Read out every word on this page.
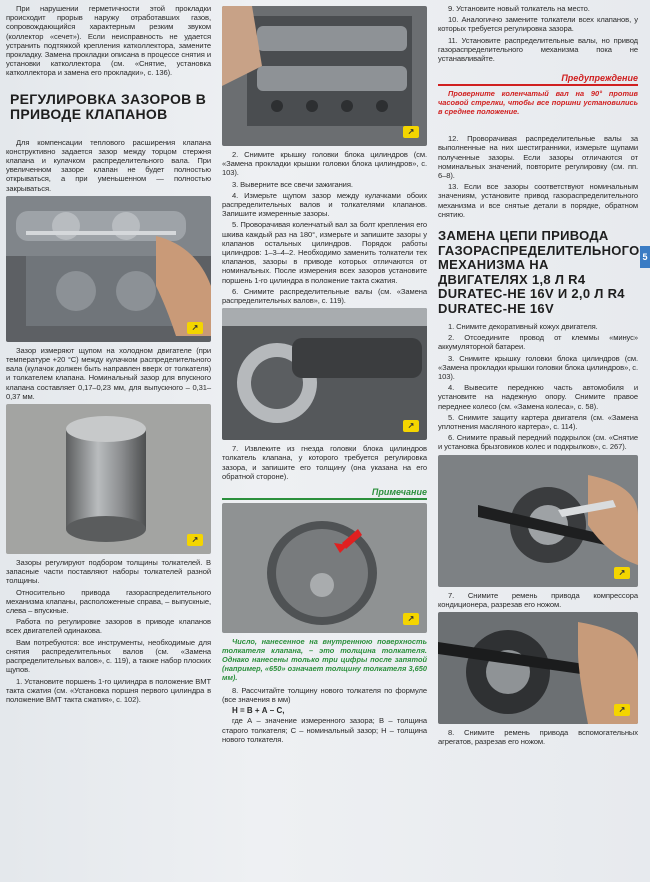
При нарушении герметичности этой прокладки происходит прорыв наружу отработавших газов, сопровождающийся характерным резким звуком (коллектор «сечет»). Если неисправность не удается устранить подтяжкой крепления катколлектора, замените прокладку. Замена прокладки описана в процессе снятия и установки катколлектора (см. «Снятие, установка катколлектора и замена его прокладки», с. 136).

РЕГУЛИРОВКА ЗАЗОРОВ В ПРИВОДЕ КЛАПАНОВ

Для компенсации теплового расширения клапана конструктивно задается зазор между торцом стержня клапана и кулачком распределительного вала. При увеличенном зазоре клапан не будет полностью открываться, а при уменьшенном — полностью закрываться.

↗

Зазор измеряют щупом на холодном двигателе (при температуре +20 °С) между кулачком распределительного вала (кулачок должен быть направлен вверх от толкателя) и толкателем клапана. Номинальный зазор для впускного клапана составляет 0,17–0,23 мм, для выпускного – 0,31–0,37 мм.

↗

Зазоры регулируют подбором толщины толкателей. В запасные части поставляют наборы толкателей разной толщины.

Относительно привода газораспределительного механизма клапаны, расположенные справа, – выпускные, слева – впускные.

Работа по регулировке зазоров в приводе клапанов всех двигателей одинакова.

Вам потребуются: все инструменты, необходимые для снятия распределительных валов (см. «Замена распределительных валов», с. 119), а также набор плоских щупов.

1. Установите поршень 1-го цилиндра в положение ВМТ такта сжатия (см. «Установка поршня первого цилиндра в положение ВМТ такта сжатия», с. 102).

↗

2. Снимите крышку головки блока цилиндров (см. «Замена прокладки крышки головки блока цилиндров», с. 103).

3. Выверните все свечи зажигания.

4. Измерьте щупом зазор между кулачками обоих распределительных валов и толкателями клапанов. Запишите измеренные зазоры.

5. Проворачивая коленчатый вал за болт крепления его шкива каждый раз на 180°, измерьте и запишите зазоры у клапанов остальных цилиндров. Порядок работы цилиндров: 1–3–4–2. Необходимо заменить толкатели тех клапанов, зазоры в приводе которых отличаются от номинальных. После измерения всех зазоров установите поршень 1-го цилиндра в положение такта сжатия.

6. Снимите распределительные валы (см. «Замена распределительных валов», с. 119).

↗

7. Извлеките из гнезда головки блока цилиндров толкатель клапана, у которого требуется регулировка зазора, и запишите его толщину (она указана на его обратной стороне).

Примечание
↗

Число, нанесенное на внутреннюю поверхность толкателя клапана, – это толщина толкателя. Однако нанесены только три цифры после запятой (например, «650» означает толщину толкателя 3,650 мм).

8. Рассчитайте толщину нового толкателя по формуле (все значения в мм)

Н = В + А – С,

где А – значение измеренного зазора; В – толщина старого толкателя; С – номинальный зазор; Н – толщина нового толкателя.

9. Установите новый толкатель на место.

10. Аналогично замените толкатели всех клапанов, у которых требуется регулировка зазора.

11. Установите распределительные валы, но привод газораспределительного механизма пока не устанавливайте.

Предупреждение

Проверните коленчатый вал на 90° против часовой стрелки, чтобы все поршни установились в среднее положение.

12. Проворачивая распределительные валы за выполненные на них шестигранники, измерьте щупами полученные зазоры. Если зазоры отличаются от номинальных значений, повторите регулировку (см. пп. 6–8).

13. Если все зазоры соответствуют номинальным значениям, установите привод газораспределительного механизма и все снятые детали в порядке, обратном снятию.

ЗАМЕНА ЦЕПИ ПРИВОДА ГАЗОРАСПРЕДЕЛИТЕЛЬНОГО МЕХАНИЗМА НА ДВИГАТЕЛЯХ 1,8 Л R4 DURATEC-HE 16V И 2,0 Л R4 DURATEC-HE 16V

1. Снимите декоративный кожух двигателя.

2. Отсоедините провод от клеммы «минус» аккумуляторной батареи.

3. Снимите крышку головки блока цилиндров (см. «Замена прокладки крышки головки блока цилиндров», с. 103).

4. Вывесите переднюю часть автомобиля и установите на надежную опору. Снимите правое переднее колесо (см. «Замена колеса», с. 58).

5. Снимите защиту картера двигателя (см. «Замена уплотнения масляного картера», с. 114).

6. Снимите правый передний подкрылок (см. «Снятие и установка брызговиков колес и подкрылков», с. 267).

↗

7. Снимите ремень привода компрессора кондиционера, разрезав его ножом.

↗

8. Снимите ремень привода вспомогательных агрегатов, разрезав его ножом.

5
